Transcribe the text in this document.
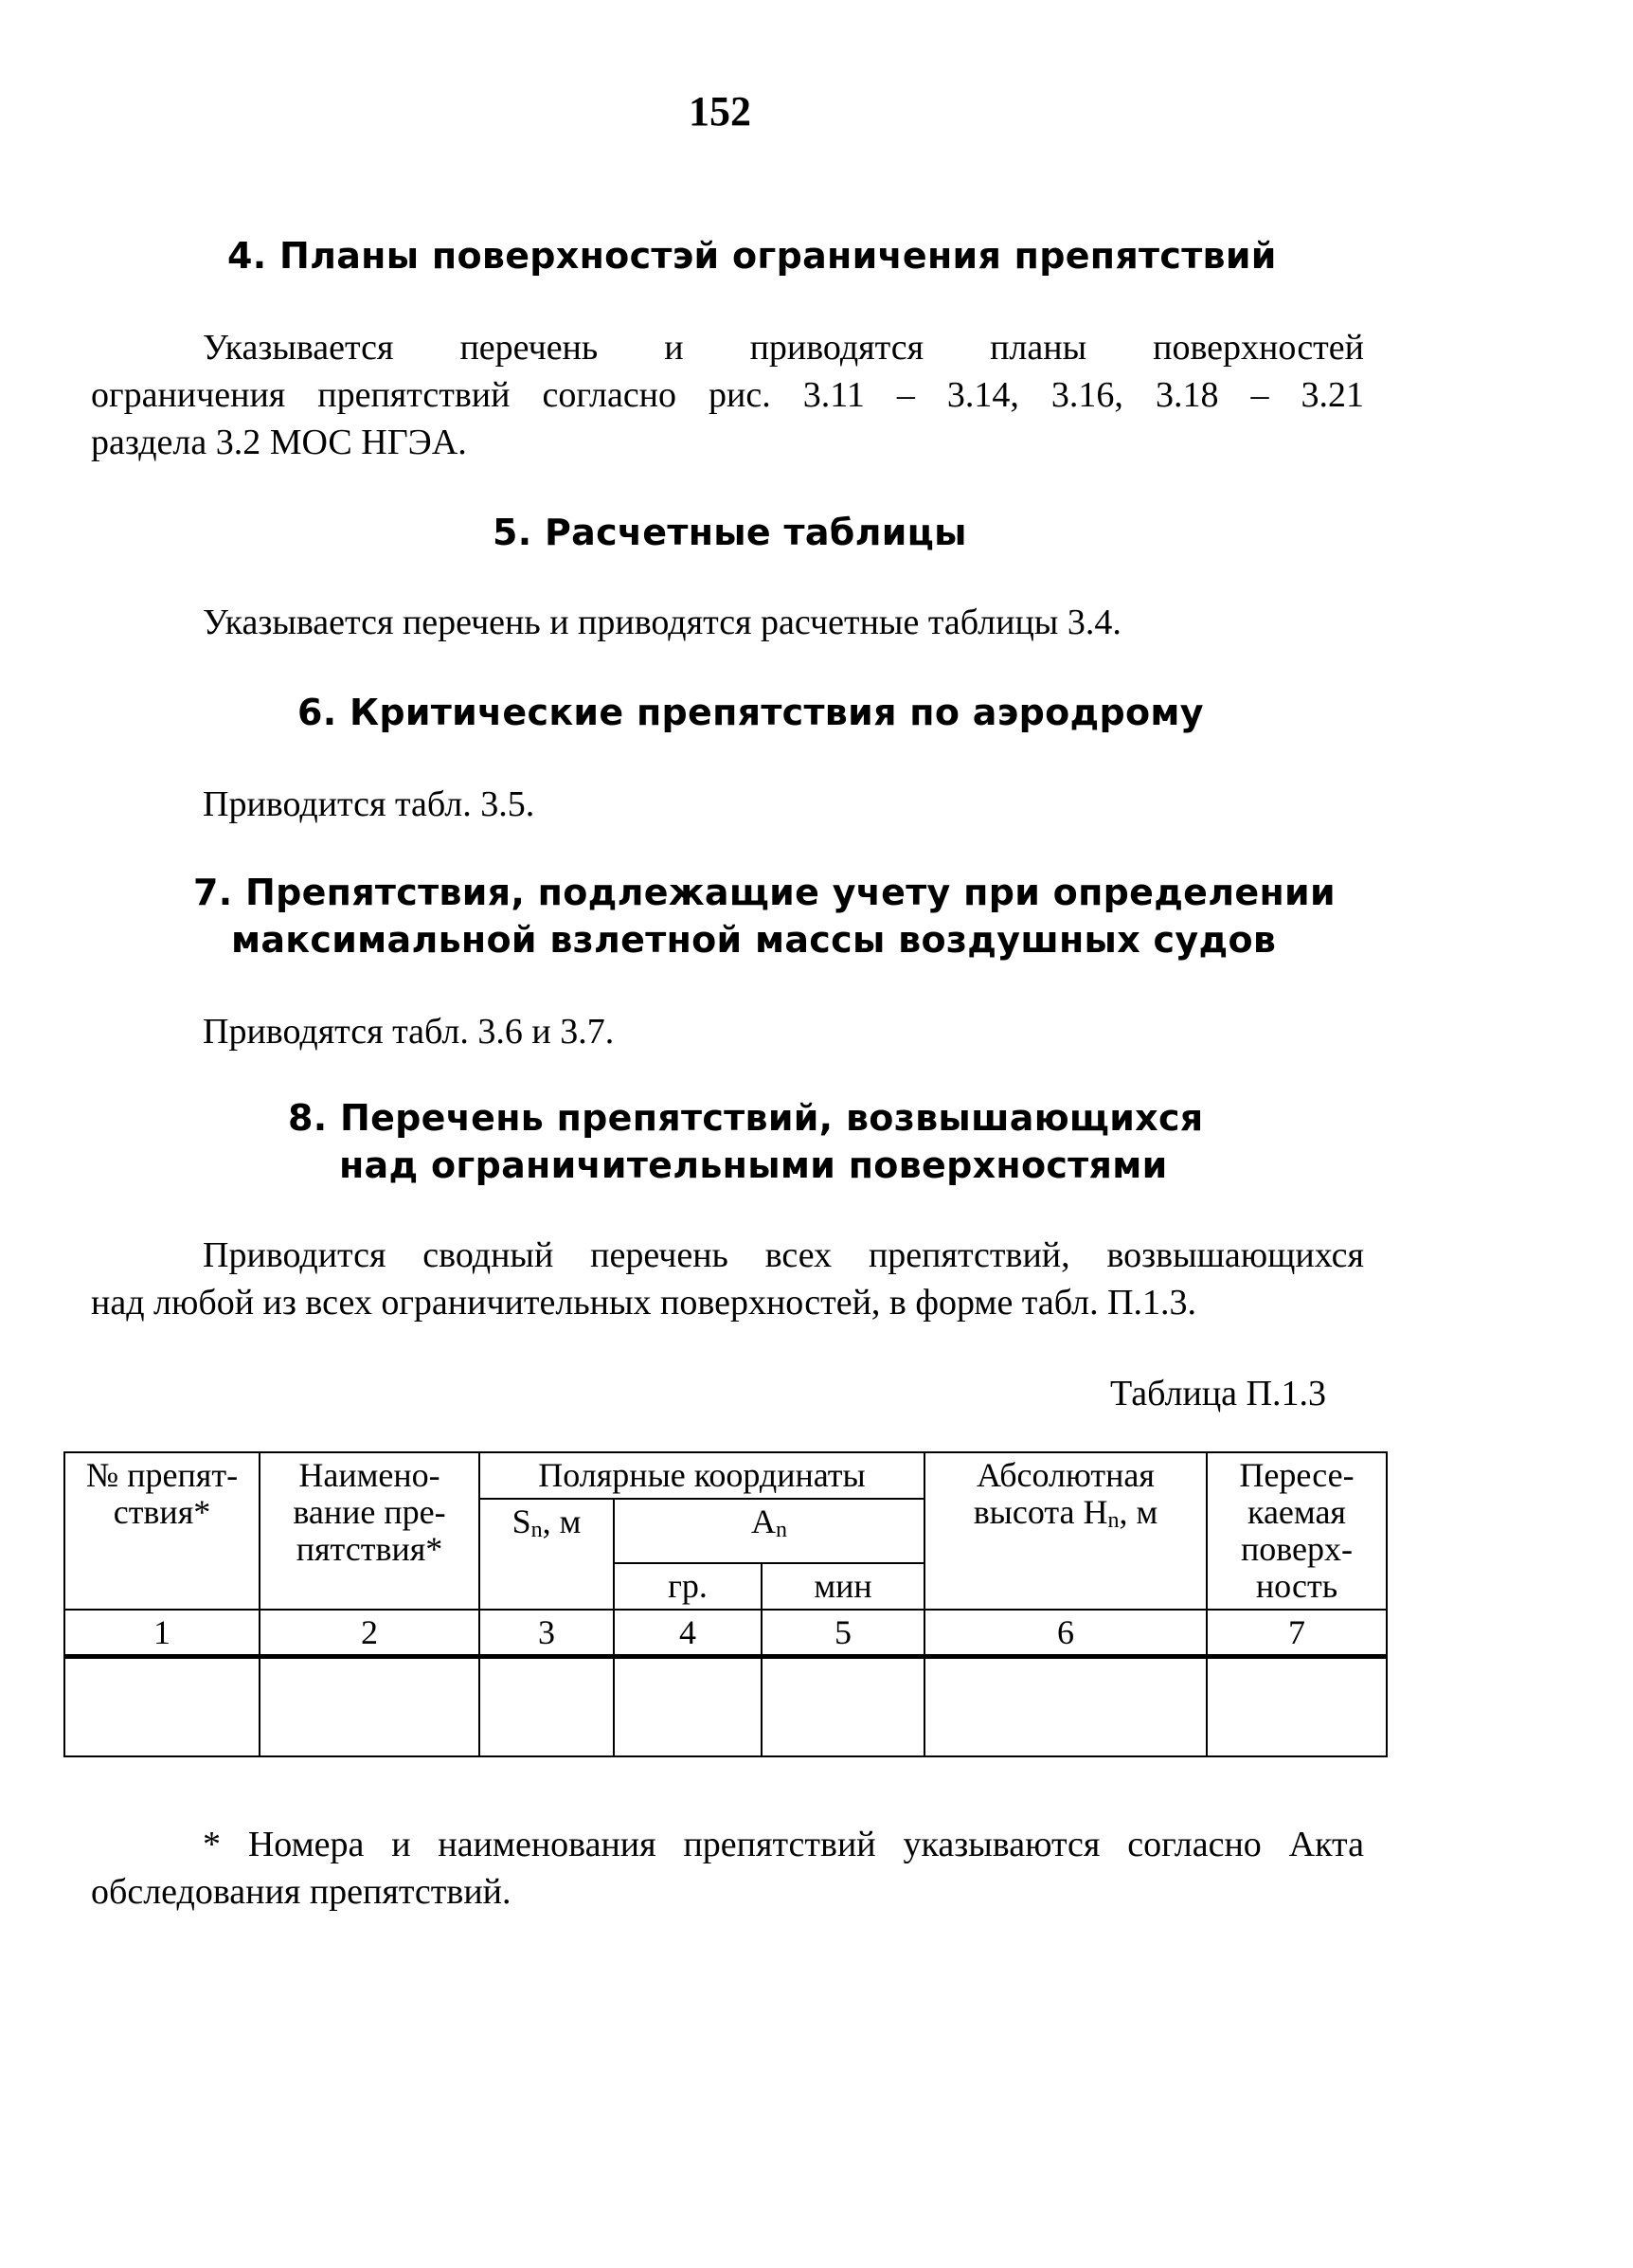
152
4. Планы поверхностэй ограничения препятствий
Указывается перечень и приводятся планы поверхностей
ограничения препятствий согласно рис. 3.11 – 3.14, 3.16, 3.18 – 3.21
раздела 3.2 МОС НГЭА.
5. Расчетные таблицы
Указывается перечень и приводятся расчетные таблицы 3.4.
6. Критические препятствия по аэродрому
Приводится табл. 3.5.
7. Препятствия, подлежащие учету при определении
максимальной взлетной массы воздушных судов
Приводятся табл. 3.6 и 3.7.
8. Перечень препятствий, возвышающихся
над ограничительными поверхностями
Приводится сводный перечень всех препятствий, возвышающихся
над любой из всех ограничительных поверхностей, в форме табл. П.1.3.
Таблица П.1.3
№ препят-ствия*	Наимено-вание пре-пятствия*	Полярные координаты			Абсолютная высота $H_n$, м	Пересе-каемая поверх-ность
		$S_n$, м	$A_n$
			гр.	мин		
1	2	3	4	5	6	7

* Номера и наименования препятствий указываются согласно Акта
обследования препятствий.
